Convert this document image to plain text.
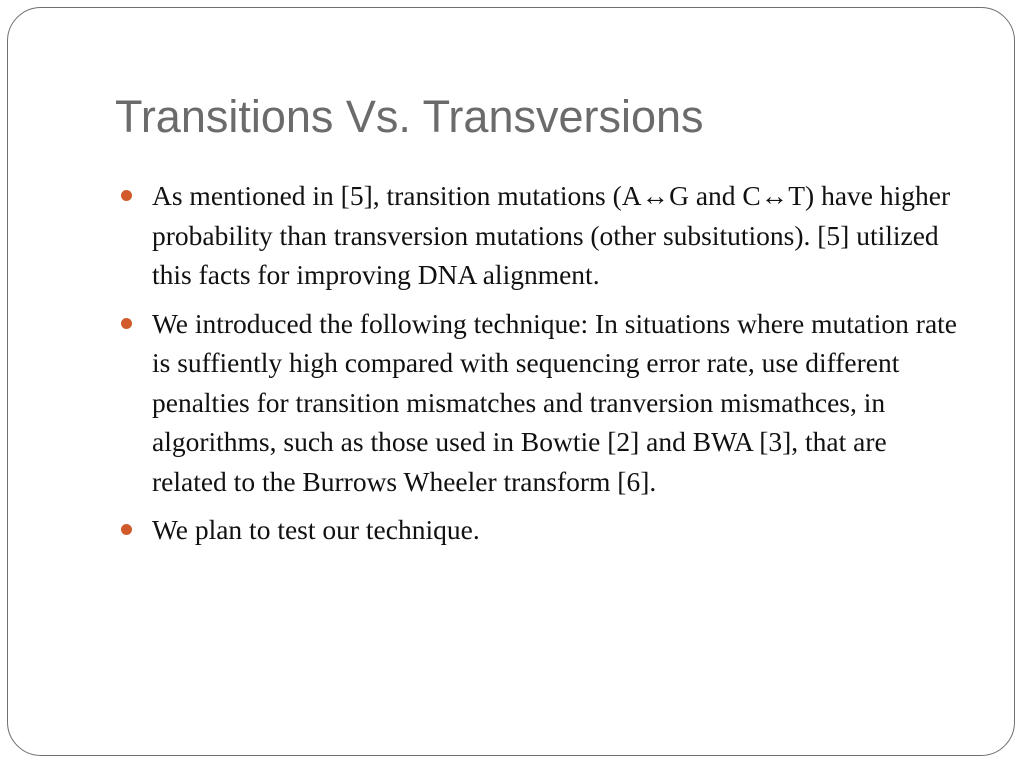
Transitions Vs. Transversions
As mentioned in [5], transition mutations (A↔G and C↔T) have higher probability than transversion mutations (other subsitutions). [5] utilized this facts for improving DNA alignment.
We introduced the following technique: In situations where mutation rate is suffiently high compared with sequencing error rate, use different penalties for transition mismatches and tranversion mismathces, in algorithms, such as those used in Bowtie [2] and BWA [3], that are related to the Burrows Wheeler transform [6].
We plan to test our technique.
